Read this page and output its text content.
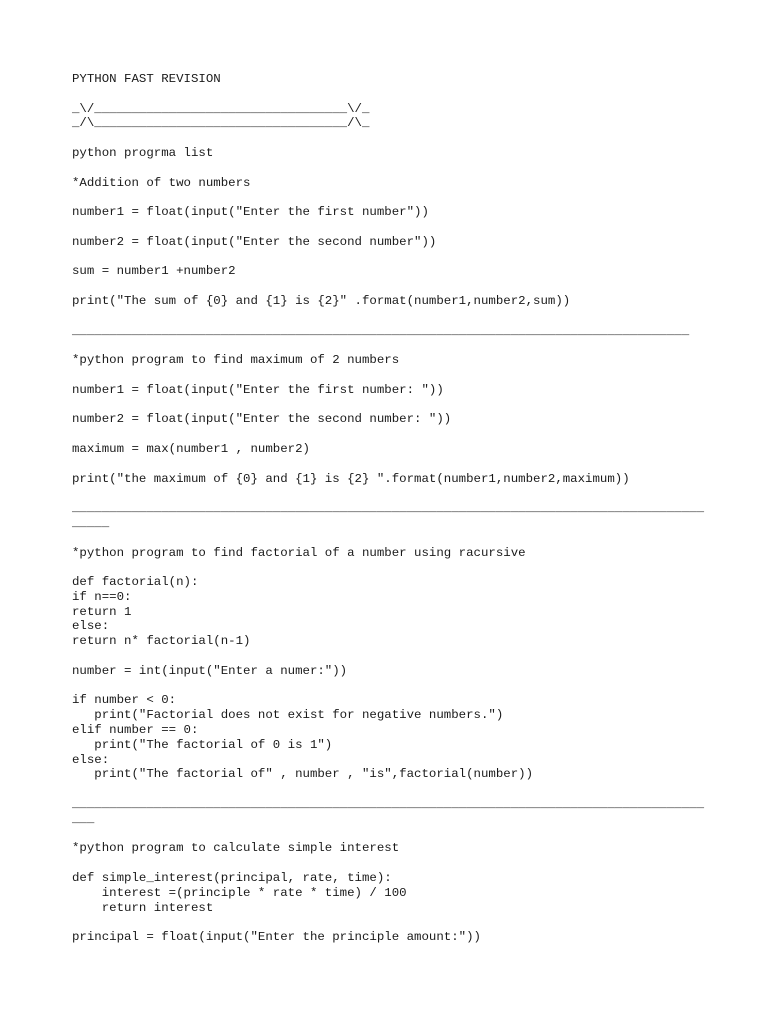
PYTHON FAST REVISION
_\/__________________________________\/_
_/\__________________________________/\_
python progrma list
*Addition of two numbers
number1 = float(input("Enter the first number"))
number2 = float(input("Enter the second number"))
sum = number1 +number2
print("The sum of {0} and {1} is {2}" .format(number1,number2,sum))
___________________________________________________________________________________
*python program to find maximum of 2 numbers
number1 = float(input("Enter the first number: "))
number2 = float(input("Enter the second number: "))
maximum = max(number1 , number2)
print("the maximum of {0} and {1} is {2} ".format(number1,number2,maximum))
_____________________________________________________________________________________
_____
*python program to find factorial of a number using racursive
def factorial(n):
if n==0:
return 1
else:
return n* factorial(n-1)
number = int(input("Enter a numer:"))
if number < 0:
print("Factorial does not exist for negative numbers.")
elif number == 0:
print("The factorial of 0 is 1")
else:
print("The factorial of" , number , "is",factorial(number))
_____________________________________________________________________________________
___
*python program to calculate simple interest
def simple_interest(principal, rate, time):
interest =(principle * rate * time) / 100
return interest
principal = float(input("Enter the principle amount:"))
